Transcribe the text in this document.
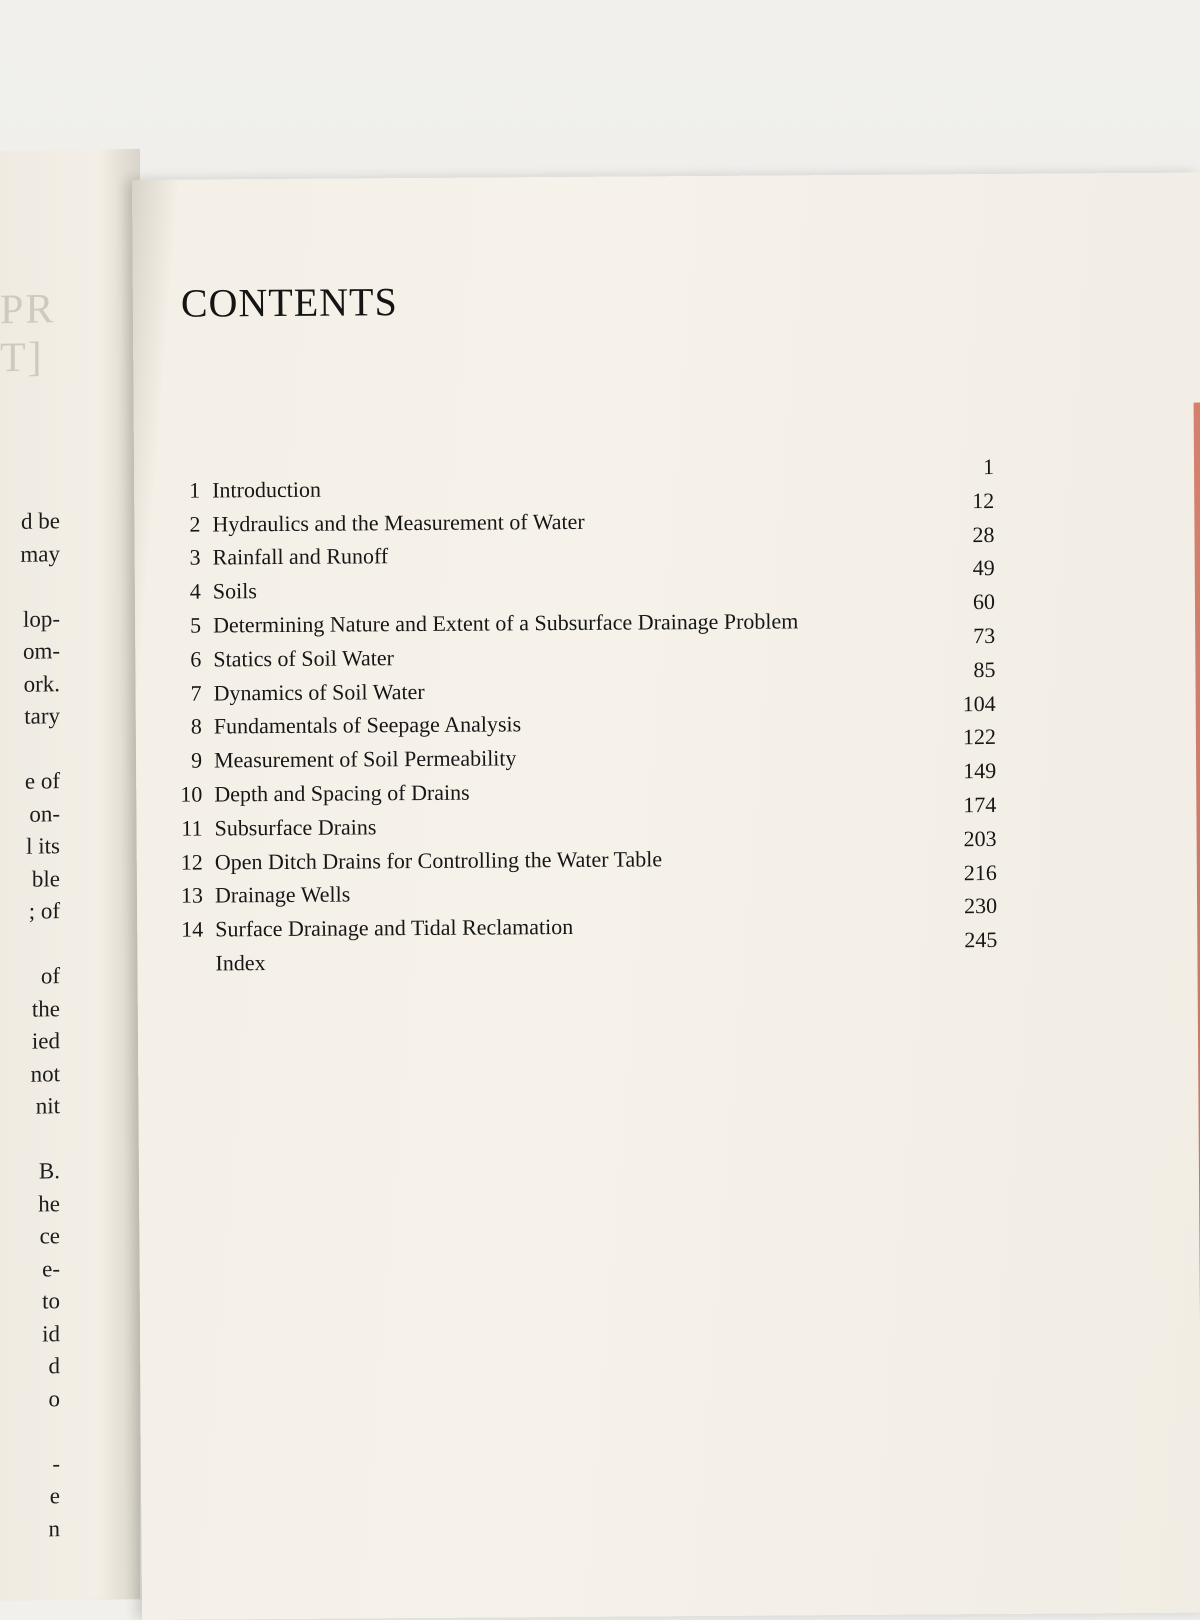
PR
T]
d be
may
lop-
om-
ork.
tary
e of
on-
l its
ble
; of
of
the
ied
not
nit
B.
he
ce
e-
to
id
d
o
-
e
n
CONTENTS
1 Introduction
1
2 Hydraulics and the Measurement of Water
12
3 Rainfall and Runoff
28
4 Soils
49
5 Determining Nature and Extent of a Subsurface Drainage Problem
60
6 Statics of Soil Water
73
7 Dynamics of Soil Water
85
8 Fundamentals of Seepage Analysis
104
9 Measurement of Soil Permeability
122
10 Depth and Spacing of Drains
149
11 Subsurface Drains
174
12 Open Ditch Drains for Controlling the Water Table
203
13 Drainage Wells
216
14 Surface Drainage and Tidal Reclamation
230
Index
245
